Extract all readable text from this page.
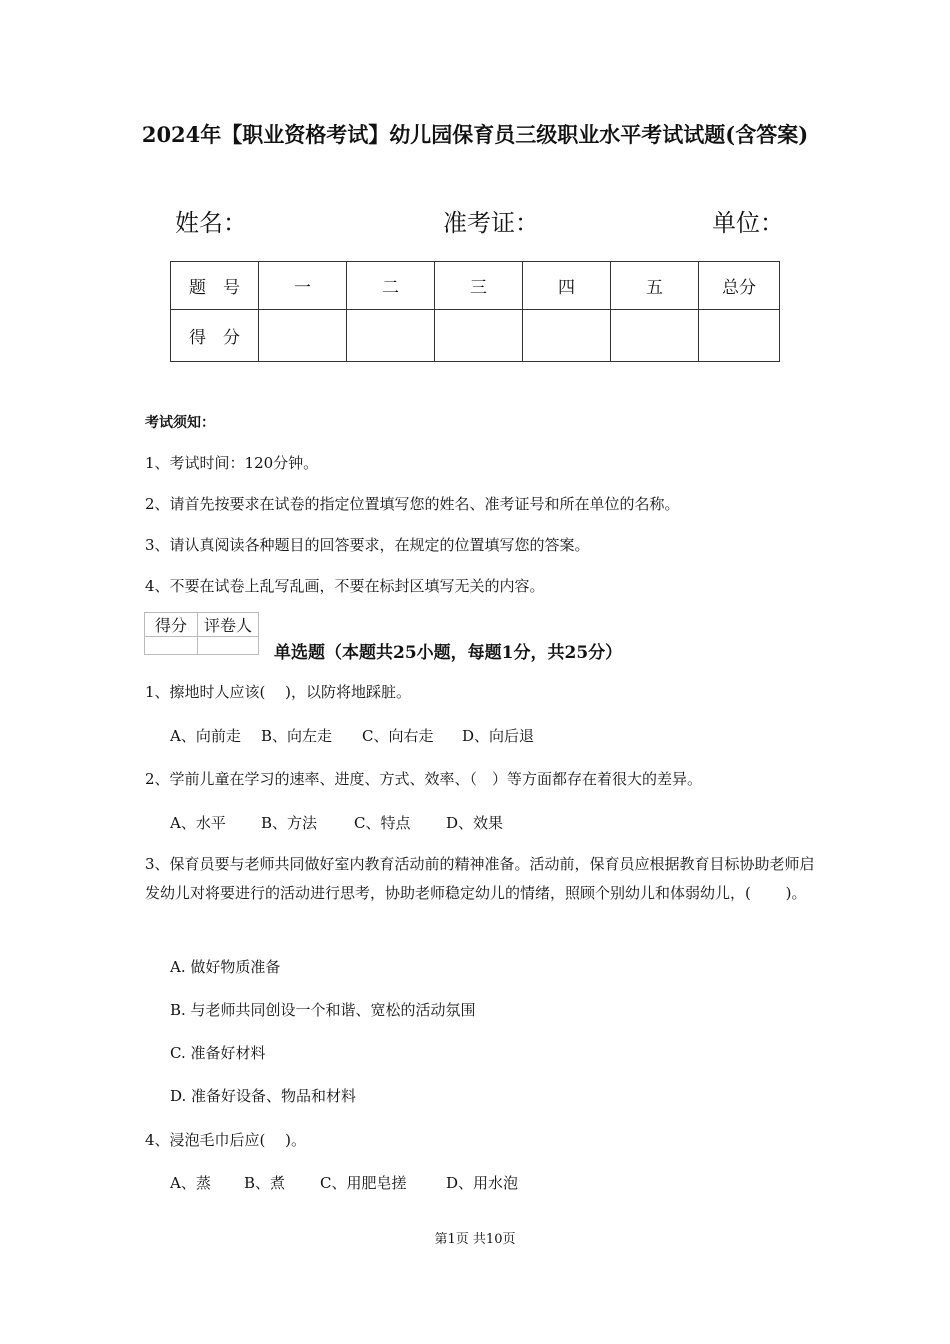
2024年【职业资格考试】幼儿园保育员三级职业水平考试试题(含答案)
姓名：	准考证：	单位：
题　号	一	二	三	四	五	总分
得　分						
考试须知：
1、考试时间：120分钟。
2、请首先按要求在试卷的指定位置填写您的姓名、准考证号和所在单位的名称。
3、请认真阅读各种题目的回答要求，在规定的位置填写您的答案。
4、不要在试卷上乱写乱画，不要在标封区填写无关的内容。
得分	评卷人

单选题（本题共25小题，每题1分，共25分）
1、擦地时人应该(　 )，以防将地踩脏。
A、向前走 B、向左走 C、向右走 D、向后退
2、学前儿童在学习的速率、进度、方式、效率、（　）等方面都存在着很大的差异。
A、水平 B、方法 C、特点 D、效果
3、保育员要与老师共同做好室内教育活动前的精神准备。活动前，保育员应根据教育目标协助老师启发幼儿对将要进行的活动进行思考，协助老师稳定幼儿的情绪，照顾个别幼儿和体弱幼儿，(　　 )。
A. 做好物质准备
B. 与老师共同创设一个和谐、宽松的活动氛围
C. 准备好材料
D. 准备好设备、物品和材料
4、浸泡毛巾后应(　 )。
A、蒸 B、煮 C、用肥皂搓	D、用水泡
第1页 共10页
